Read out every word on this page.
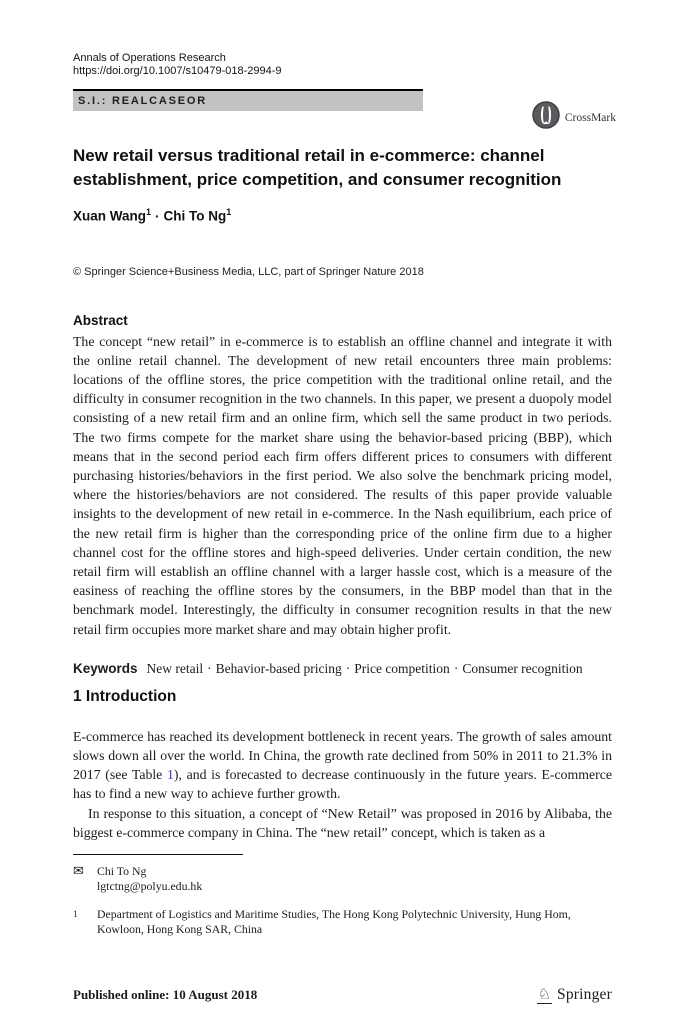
Annals of Operations Research
https://doi.org/10.1007/s10479-018-2994-9
S.I.: REALCASEOR
CrossMark
New retail versus traditional retail in e-commerce: channel establishment, price competition, and consumer recognition
Xuan Wang$^1$ · Chi To Ng$^1$
© Springer Science+Business Media, LLC, part of Springer Nature 2018
Abstract

The concept “new retail” in e-commerce is to establish an offline channel and integrate it with the online retail channel. The development of new retail encounters three main problems: locations of the offline stores, the price competition with the traditional online retail, and the difficulty in consumer recognition in the two channels. In this paper, we present a duopoly model consisting of a new retail firm and an online firm, which sell the same product in two periods. The two firms compete for the market share using the behavior-based pricing (BBP), which means that in the second period each firm offers different prices to consumers with different purchasing histories/behaviors in the first period. We also solve the benchmark pricing model, where the histories/behaviors are not considered. The results of this paper provide valuable insights to the development of new retail in e-commerce. In the Nash equilibrium, each price of the new retail firm is higher than the corresponding price of the online firm due to a higher channel cost for the offline stores and high-speed deliveries. Under certain condition, the new retail firm will establish an offline channel with a larger hassle cost, which is a measure of the easiness of reaching the offline stores by the consumers, in the BBP model than that in the benchmark model. Interestingly, the difficulty in consumer recognition results in that the new retail firm occupies more market share and may obtain higher profit.

Keywords New retail · Behavior-based pricing · Price competition · Consumer recognition
1 Introduction

E-commerce has reached its development bottleneck in recent years. The growth of sales amount slows down all over the world. In China, the growth rate declined from 50% in 2011 to 21.3% in 2017 (see Table 1), and is forecasted to decrease continuously in the future years. E-commerce has to find a new way to achieve further growth.

In response to this situation, a concept of “New Retail” was proposed in 2016 by Alibaba, the biggest e-commerce company in China. The “new retail” concept, which is taken as a

✉	Chi To Ng
lgtctng@polyu.edu.hk
$^1$	Department of Logistics and Maritime Studies, The Hong Kong Polytechnic University, Hung Hom, Kowloon, Hong Kong SAR, China
Published online: 10 August 2018	♘ Springer
